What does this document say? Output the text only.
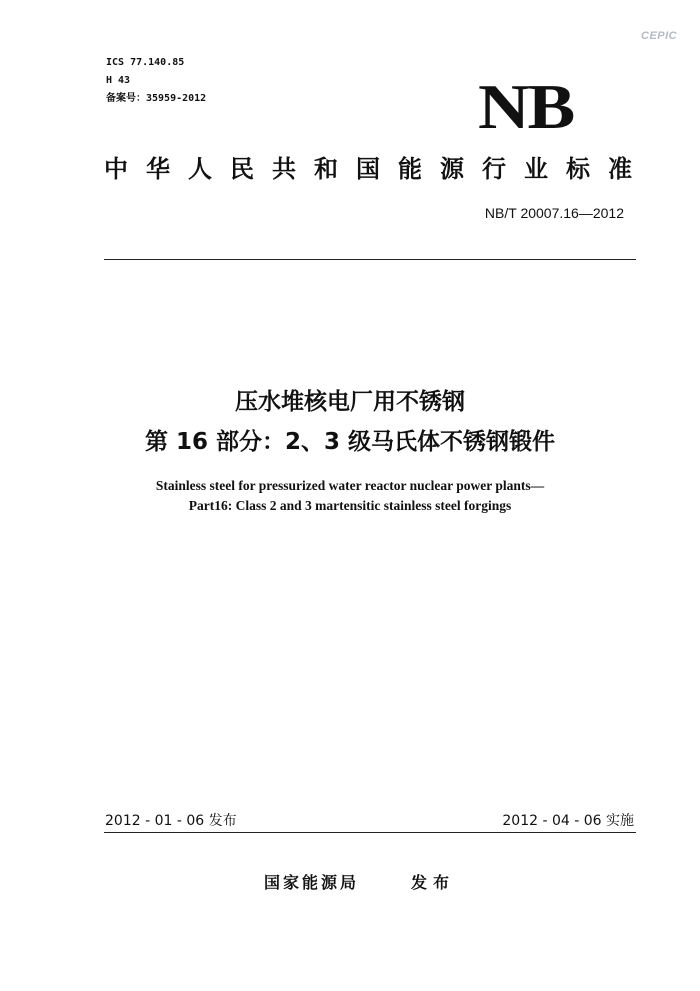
CEPIC
ICS 77.140.85
H 43
备案号：35959-2012	NB
中 华 人 民 共 和 国 能 源 行 业 标 准
NB/T 20007.16—2012
压水堆核电厂用不锈钢
第 16 部分：2、3 级马氏体不锈钢锻件
Stainless steel for pressurized water reactor nuclear power plants—
Part16: Class 2 and 3 martensitic stainless steel forgings
2012 - 01 - 06 发布	2012 - 04 - 06 实施
国家能源局	发布
